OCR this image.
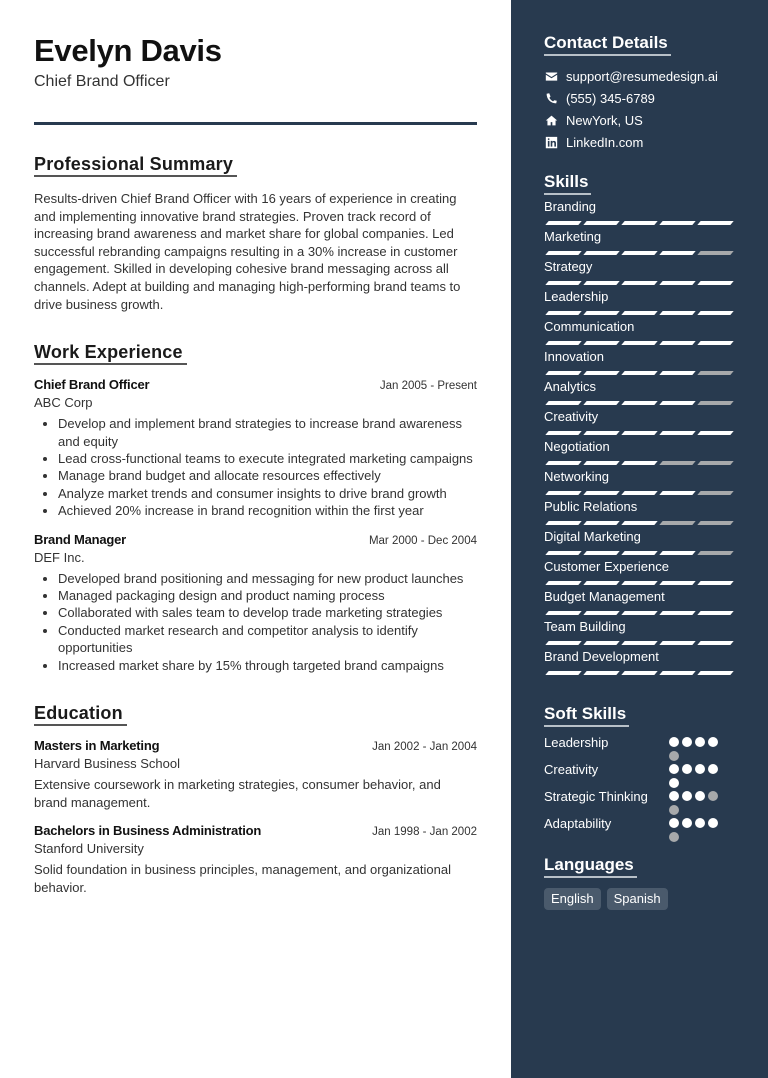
Evelyn Davis
Chief Brand Officer
Professional Summary

Results-driven Chief Brand Officer with 16 years of experience in creating and implementing innovative brand strategies. Proven track record of increasing brand awareness and market share for global companies. Led successful rebranding campaigns resulting in a 30% increase in customer engagement. Skilled in developing cohesive brand messaging across all channels. Adept at building and managing high-performing brand teams to drive business growth.

Work Experience
Chief Brand Officer	Jan 2005 - Present
ABC Corp
• Develop and implement brand strategies to increase brand awareness and equity
• Lead cross-functional teams to execute integrated marketing campaigns
• Manage brand budget and allocate resources effectively
• Analyze market trends and consumer insights to drive brand growth
• Achieved 20% increase in brand recognition within the first year
Brand Manager	Mar 2000 - Dec 2004
DEF Inc.
• Developed brand positioning and messaging for new product launches
• Managed packaging design and product naming process
• Collaborated with sales team to develop trade marketing strategies
• Conducted market research and competitor analysis to identify opportunities
• Increased market share by 15% through targeted brand campaigns
Education
Masters in Marketing	Jan 2002 - Jan 2004
Harvard Business School

Extensive coursework in marketing strategies, consumer behavior, and brand management.

Bachelors in Business Administration	Jan 1998 - Jan 2002
Stanford University

Solid foundation in business principles, management, and organizational behavior.

Contact Details
support@resumedesign.ai
(555) 345-6789
NewYork, US
LinkedIn.com
Skills
Branding
Marketing
Strategy
Leadership
Communication
Innovation
Analytics
Creativity
Negotiation
Networking
Public Relations
Digital Marketing
Customer Experience
Budget Management
Team Building
Brand Development
Soft Skills
Leadership
Creativity
Strategic Thinking
Adaptability
Languages
English	Spanish
